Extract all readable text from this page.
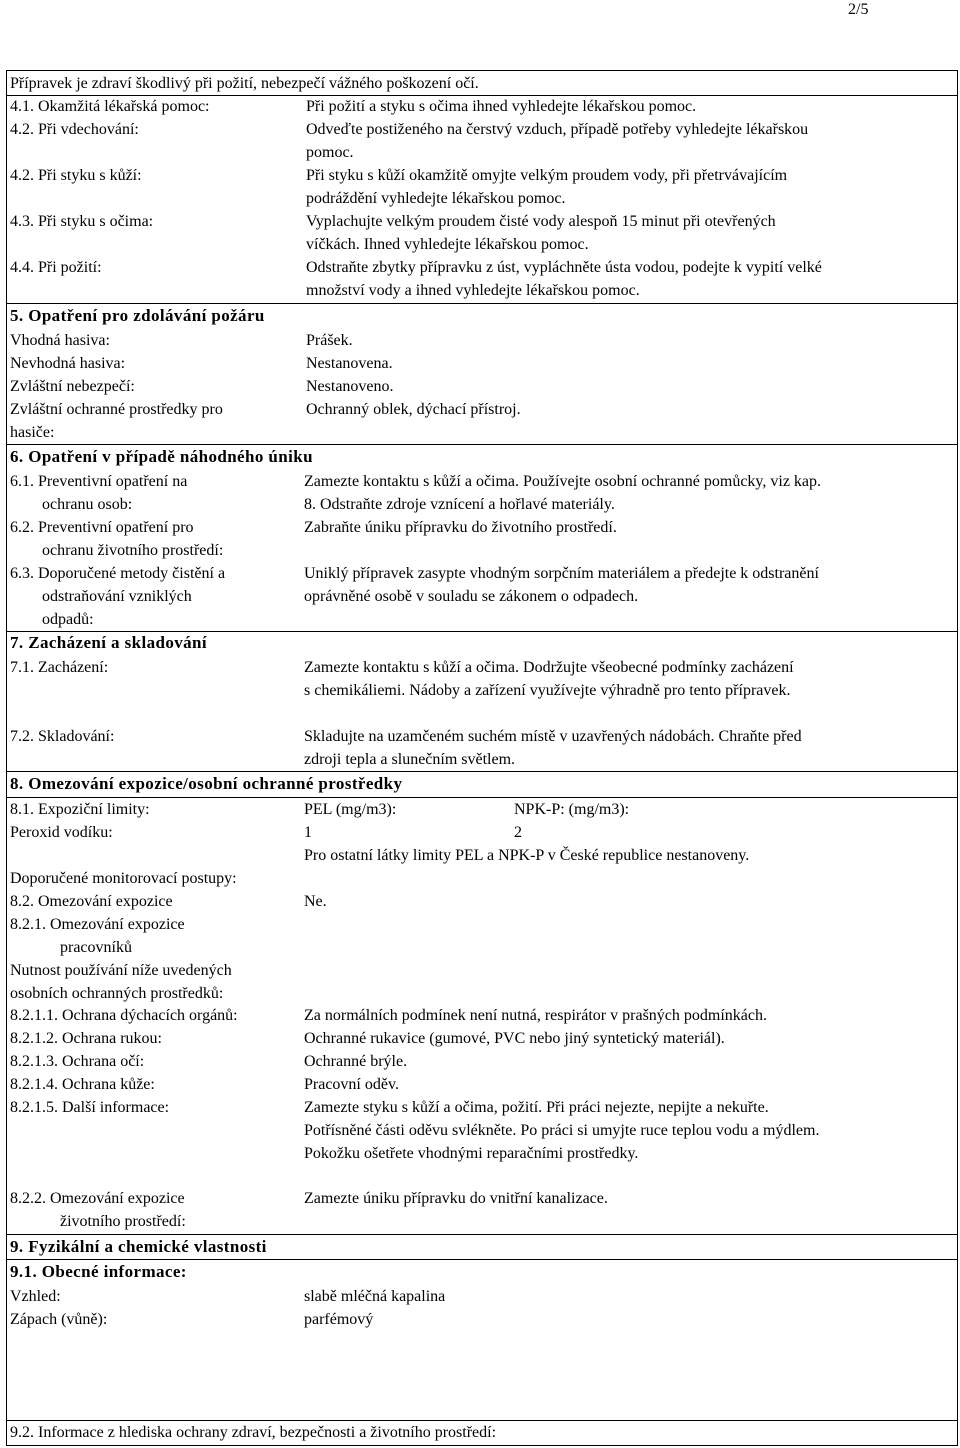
2/5
Přípravek je zdraví škodlivý při požití, nebezpečí vážného poškození očí.
4.1. Okamžitá lékařská pomoc:	Při požití a styku s očima ihned vyhledejte lékařskou pomoc.
4.2. Při vdechování:	Odveďte postiženého na čerstvý vzduch, případě potřeby vyhledejte lékařskou
pomoc.
4.2. Při styku s kůží:	Při styku s kůží okamžitě omyjte velkým proudem vody, při přetrvávajícím
podráždění vyhledejte lékařskou pomoc.
4.3. Při styku s očima:	Vyplachujte velkým proudem čisté vody alespoň 15 minut při otevřených
víčkách. Ihned vyhledejte lékařskou pomoc.
4.4. Při požití:	Odstraňte zbytky přípravku z úst, vypláchněte ústa vodou, podejte k vypití velké
množství vody a ihned vyhledejte lékařskou pomoc.
5. Opatření pro zdolávání požáru
Vhodná hasiva:	Prášek.
Nevhodná hasiva:	Nestanovena.
Zvláštní nebezpečí:	Nestanoveno.
Zvláštní ochranné prostředky pro	Ochranný oblek, dýchací přístroj.
hasiče:
6. Opatření v případě náhodného úniku
6.1. Preventivní opatření na	Zamezte kontaktu s kůží a očima. Používejte osobní ochranné pomůcky, viz kap.
ochranu osob:	8. Odstraňte zdroje vznícení a hořlavé materiály.
6.2. Preventivní opatření pro	Zabraňte úniku přípravku do životního prostředí.
ochranu životního prostředí:
6.3. Doporučené metody čistění a	Uniklý přípravek zasypte vhodným sorpčním materiálem a předejte k odstranění
odstraňování vzniklých	oprávněné osobě v souladu se zákonem o odpadech.
odpadů:
7. Zacházení a skladování
7.1. Zacházení:	Zamezte kontaktu s kůží a očima. Dodržujte všeobecné podmínky zacházení
s chemikáliemi. Nádoby a zařízení využívejte výhradně pro tento přípravek.
7.2. Skladování:	Skladujte na uzamčeném suchém místě v uzavřených nádobách. Chraňte před
zdroji tepla a slunečním světlem.
8. Omezování expozice/osobní ochranné prostředky
8.1. Expoziční limity:	PEL (mg/m3):	NPK-P: (mg/m3):
Peroxid vodíku:	1	2
Pro ostatní látky limity PEL a NPK-P v České republice nestanoveny.
Doporučené monitorovací postupy:
8.2. Omezování expozice	Ne.
8.2.1. Omezování expozice
pracovníků
Nutnost používání níže uvedených
osobních ochranných prostředků:
8.2.1.1. Ochrana dýchacích orgánů:	Za normálních podmínek není nutná, respirátor v prašných podmínkách.
8.2.1.2. Ochrana rukou:	Ochranné rukavice (gumové, PVC nebo jiný syntetický materiál).
8.2.1.3. Ochrana očí:	Ochranné brýle.
8.2.1.4. Ochrana kůže:	Pracovní oděv.
8.2.1.5. Další informace:	Zamezte styku s kůží a očima, požití. Při práci nejezte, nepijte a nekuřte.
Potřísněné části oděvu svlékněte. Po práci si umyjte ruce teplou vodu a mýdlem.
Pokožku ošetřete vhodnými reparačními prostředky.
8.2.2. Omezování expozice	Zamezte úniku přípravku do vnitřní kanalizace.
životního prostředí:
9. Fyzikální a chemické vlastnosti
9.1. Obecné informace:
Vzhled:	slabě mléčná kapalina
Zápach (vůně):	parfémový
9.2. Informace z hlediska ochrany zdraví, bezpečnosti a životního prostředí:
